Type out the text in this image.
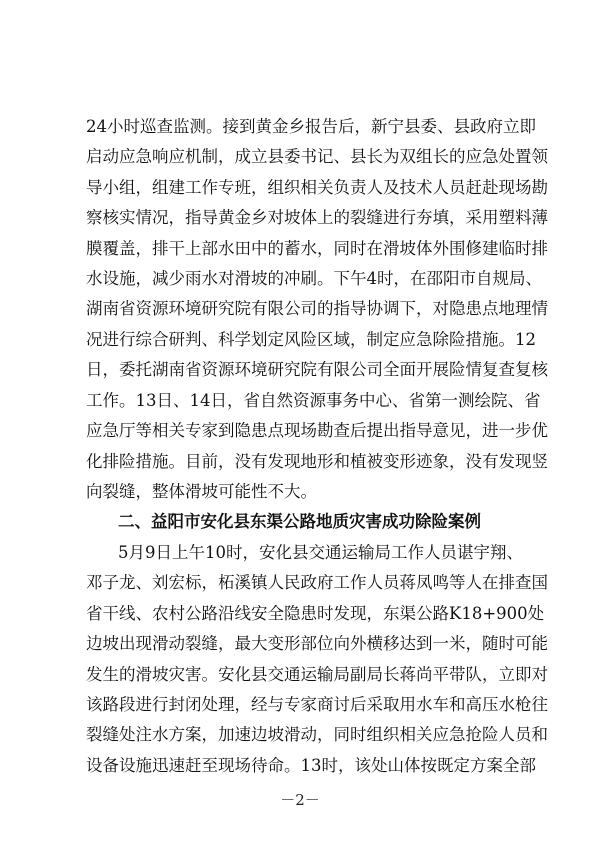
24小时巡查监测。接到黄金乡报告后，新宁县委、县政府立即
启动应急响应机制，成立县委书记、县长为双组长的应急处置领
导小组，组建工作专班，组织相关负责人及技术人员赶赴现场勘
察核实情况，指导黄金乡对坡体上的裂缝进行夯填，采用塑料薄
膜覆盖，排干上部水田中的蓄水，同时在滑坡体外围修建临时排
水设施，减少雨水对滑坡的冲刷。下午4时，在邵阳市自规局、
湖南省资源环境研究院有限公司的指导协调下，对隐患点地理情
况进行综合研判、科学划定风险区域，制定应急除险措施。12
日，委托湖南省资源环境研究院有限公司全面开展险情复查复核
工作。13日、14日，省自然资源事务中心、省第一测绘院、省
应急厅等相关专家到隐患点现场勘查后提出指导意见，进一步优
化排险措施。目前，没有发现地形和植被变形迹象，没有发现竖
向裂缝，整体滑坡可能性不大。
二、益阳市安化县东渠公路地质灾害成功除险案例
5月9日上午10时，安化县交通运输局工作人员谌宇翔、
邓子龙、刘宏标，柘溪镇人民政府工作人员蒋凤鸣等人在排查国
省干线、农村公路沿线安全隐患时发现，东渠公路K18+900处
边坡出现滑动裂缝，最大变形部位向外横移达到一米，随时可能
发生的滑坡灾害。安化县交通运输局副局长蒋尚平带队，立即对
该路段进行封闭处理，经与专家商讨后采取用水车和高压水枪往
裂缝处注水方案，加速边坡滑动，同时组织相关应急抢险人员和
设备设施迅速赶至现场待命。13时，该处山体按既定方案全部
－2－
